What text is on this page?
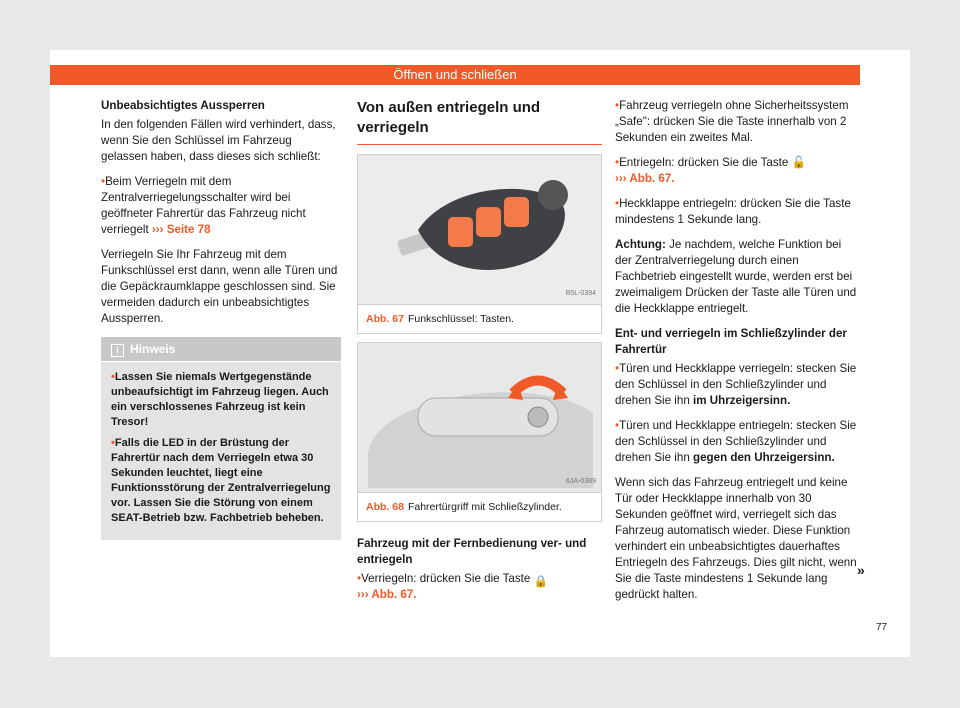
Öffnen und schließen

Unbeabsichtigtes Aussperren

In den folgenden Fällen wird verhindert, dass, wenn Sie den Schlüssel im Fahrzeug gelassen haben, dass dieses sich schließt:

• Beim Verriegeln mit dem Zentralverriegelungsschalter wird bei geöffneter Fahrertür das Fahrzeug nicht verriegelt ››› Seite 78

Verriegeln Sie Ihr Fahrzeug mit dem Funkschlüssel erst dann, wenn alle Türen und die Gepäckraumklappe geschlossen sind. Sie vermeiden dadurch ein unbeabsichtigtes Aussperren.

i Hinweis

• Lassen Sie niemals Wertgegenstände unbeaufsichtigt im Fahrzeug liegen. Auch ein verschlossenes Fahrzeug ist kein Tresor!

• Falls die LED in der Brüstung der Fahrertür nach dem Verriegeln etwa 30 Sekunden leuchtet, liegt eine Funktionsstörung der Zentralverriegelung vor. Lassen Sie die Störung von einem SEAT-Betrieb bzw. Fachbetrieb beheben.

Von außen entriegeln und verriegeln

B5L-0394
Abb. 67 Funkschlüssel: Tasten.
6JA-0389
Abb. 68 Fahrertürgriff mit Schließzylinder.

Fahrzeug mit der Fernbedienung ver- und entriegeln

• Verriegeln: drücken Sie die Taste 🔒
››› Abb. 67.

• Fahrzeug verriegeln ohne Sicherheitssystem „Safe": drücken Sie die Taste innerhalb von 2 Sekunden ein zweites Mal.

• Entriegeln: drücken Sie die Taste 🔓
››› Abb. 67.

• Heckklappe entriegeln: drücken Sie die Taste mindestens 1 Sekunde lang.

Achtung: Je nachdem, welche Funktion bei der Zentralverriegelung durch einen Fachbetrieb eingestellt wurde, werden erst bei zweimaligem Drücken der Taste alle Türen und die Heckklappe entriegelt.

Ent- und verriegeln im Schließzylinder der Fahrertür

• Türen und Heckklappe verriegeln: stecken Sie den Schlüssel in den Schließzylinder und drehen Sie ihn im Uhrzeigersinn.

• Türen und Heckklappe entriegeln: stecken Sie den Schlüssel in den Schließzylinder und drehen Sie ihn gegen den Uhrzeigersinn.

Wenn sich das Fahrzeug entriegelt und keine Tür oder Heckklappe innerhalb von 30 Sekunden geöffnet wird, verriegelt sich das Fahrzeug automatisch wieder. Diese Funktion verhindert ein unbeabsichtigtes dauerhaftes Entriegeln des Fahrzeugs. Dies gilt nicht, wenn Sie die Taste mindestens 1 Sekunde lang gedrückt halten.

»
77
